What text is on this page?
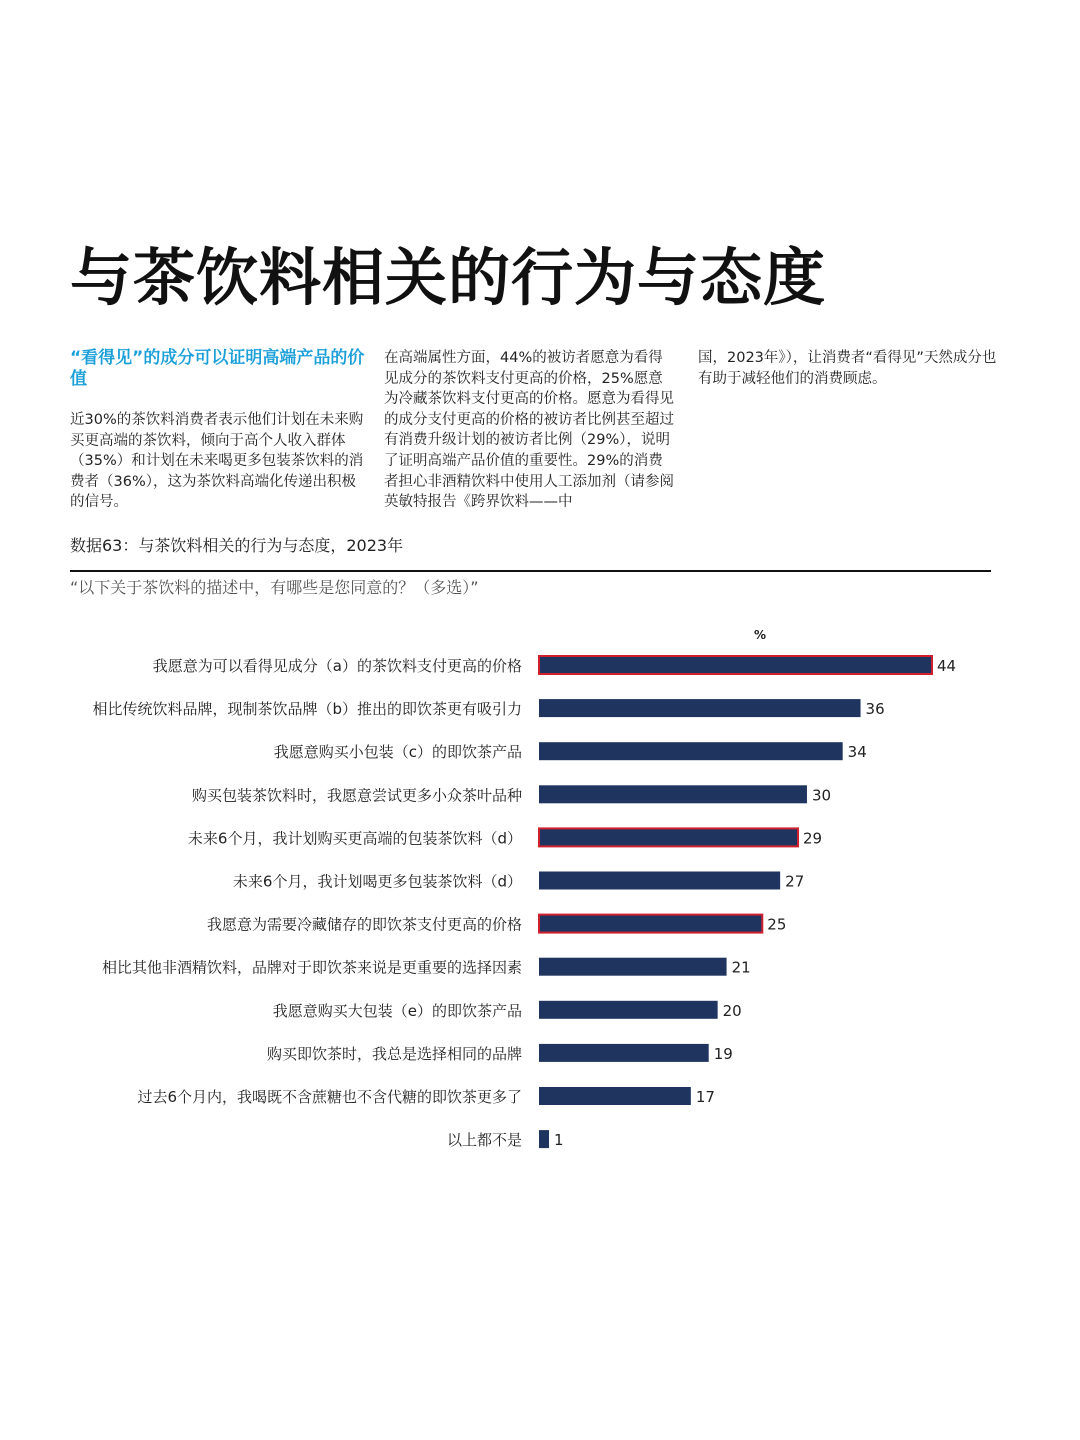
与茶饮料相关的行为与态度

“看得见”的成分可以证明高端产品的价值

近30%的茶饮料消费者表示他们计划在未来购买更高端的茶饮料，倾向于高个人收入群体（35%）和计划在未来喝更多包装茶饮料的消费者（36%），这为茶饮料高端化传递出积极的信号。

在高端属性方面，44%的被访者愿意为看得见成分的茶饮料支付更高的价格，25%愿意为冷藏茶饮料支付更高的价格。愿意为看得见的成分支付更高的价格的被访者比例甚至超过有消费升级计划的被访者比例（29%），说明了证明高端产品价值的重要性。29%的消费者担心非酒精饮料中使用人工添加剂（请参阅英敏特报告《跨界饮料——中

国，2023年》），让消费者“看得见”天然成分也有助于减轻他们的消费顾虑。

数据63：与茶饮料相关的行为与态度，2023年

“以下关于茶饮料的描述中，有哪些是您同意的？（多选）”

%
我愿意为可以看得见成分（a）的茶饮料支付更高的价格	44
相比传统饮料品牌，现制茶饮品牌（b）推出的即饮茶更有吸引力	36
我愿意购买小包装（c）的即饮茶产品	34
购买包装茶饮料时，我愿意尝试更多小众茶叶品种	30
未来6个月，我计划购买更高端的包装茶饮料（d）	29
未来6个月，我计划喝更多包装茶饮料（d）	27
我愿意为需要冷藏储存的即饮茶支付更高的价格	25
相比其他非酒精饮料，品牌对于即饮茶来说是更重要的选择因素	21
我愿意购买大包装（e）的即饮茶产品	20
购买即饮茶时，我总是选择相同的品牌	19
过去6个月内，我喝既不含蔗糖也不含代糖的即饮茶更多了	17
以上都不是 1
